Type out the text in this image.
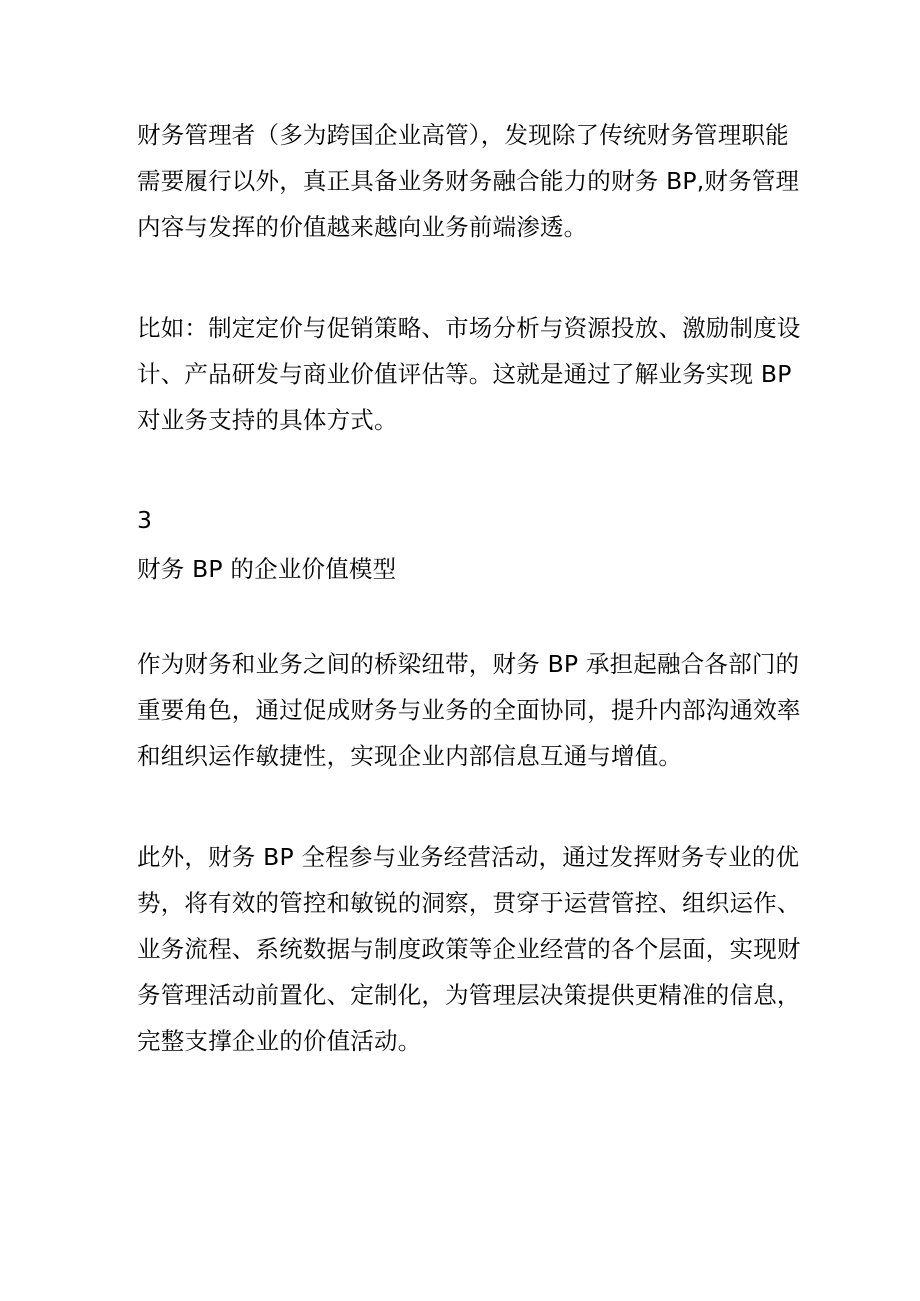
财务管理者（多为跨国企业高管），发现除了传统财务管理职能
需要履行以外，真正具备业务财务融合能力的财务 BP,财务管理
内容与发挥的价值越来越向业务前端渗透。

比如：制定定价与促销策略、市场分析与资源投放、激励制度设
计、产品研发与商业价值评估等。这就是通过了解业务实现 BP
对业务支持的具体方式。

3
财务 BP 的企业价值模型

作为财务和业务之间的桥梁纽带，财务 BP 承担起融合各部门的
重要角色，通过促成财务与业务的全面协同，提升内部沟通效率
和组织运作敏捷性，实现企业内部信息互通与增值。

此外，财务 BP 全程参与业务经营活动，通过发挥财务专业的优
势，将有效的管控和敏锐的洞察，贯穿于运营管控、组织运作、
业务流程、系统数据与制度政策等企业经营的各个层面，实现财
务管理活动前置化、定制化，为管理层决策提供更精准的信息，
完整支撑企业的价值活动。
